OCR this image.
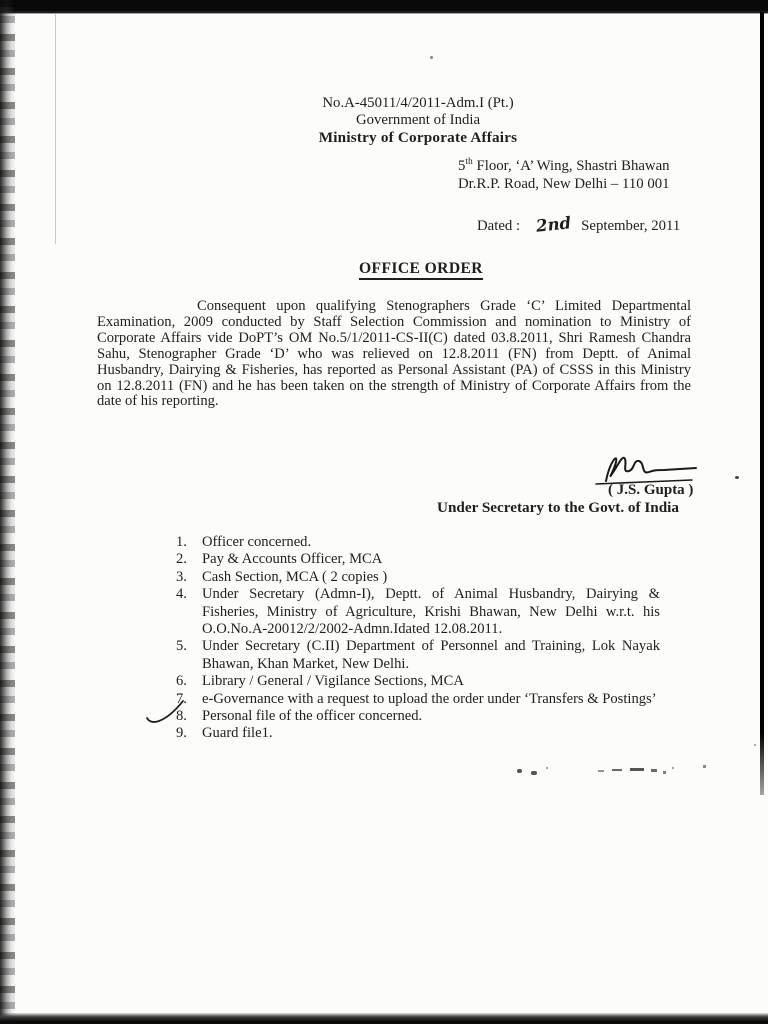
No.A-45011/4/2011-Adm.I (Pt.)
Government of India
Ministry of Corporate Affairs
5th Floor, ‘A’ Wing, Shastri Bhawan
Dr.R.P. Road, New Delhi – 110 001
Dated : 2nd September, 2011
OFFICE ORDER

Consequent upon qualifying Stenographers Grade ‘C’ Limited Departmental Examination, 2009 conducted by Staff Selection Commission and nomination to Ministry of Corporate Affairs vide DoPT’s OM No.5/1/2011-CS-II(C) dated 03.8.2011, Shri Ramesh Chandra Sahu, Stenographer Grade ‘D’ who was relieved on 12.8.2011 (FN) from Deptt. of Animal Husbandry, Dairying & Fisheries, has reported as Personal Assistant (PA) of CSSS in this Ministry on 12.8.2011 (FN) and he has been taken on the strength of Ministry of Corporate Affairs from the date of his reporting.

( J.S. Gupta )
Under Secretary to the Govt. of India
1.	Officer concerned.
2.	Pay & Accounts Officer, MCA
3.	Cash Section, MCA ( 2 copies )
4.	Under Secretary (Admn-I), Deptt. of Animal Husbandry, Dairying & Fisheries, Ministry of Agriculture, Krishi Bhawan, New Delhi w.r.t. his O.O.No.A-20012/2/2002-Admn.Idated 12.08.2011.
5.	Under Secretary (C.II) Department of Personnel and Training, Lok Nayak Bhawan, Khan Market, New Delhi.
6.	Library / General / Vigilance Sections, MCA
7.	e-Governance with a request to upload the order under ‘Transfers & Postings’
8.	Personal file of the officer concerned.
9.	Guard file1.
